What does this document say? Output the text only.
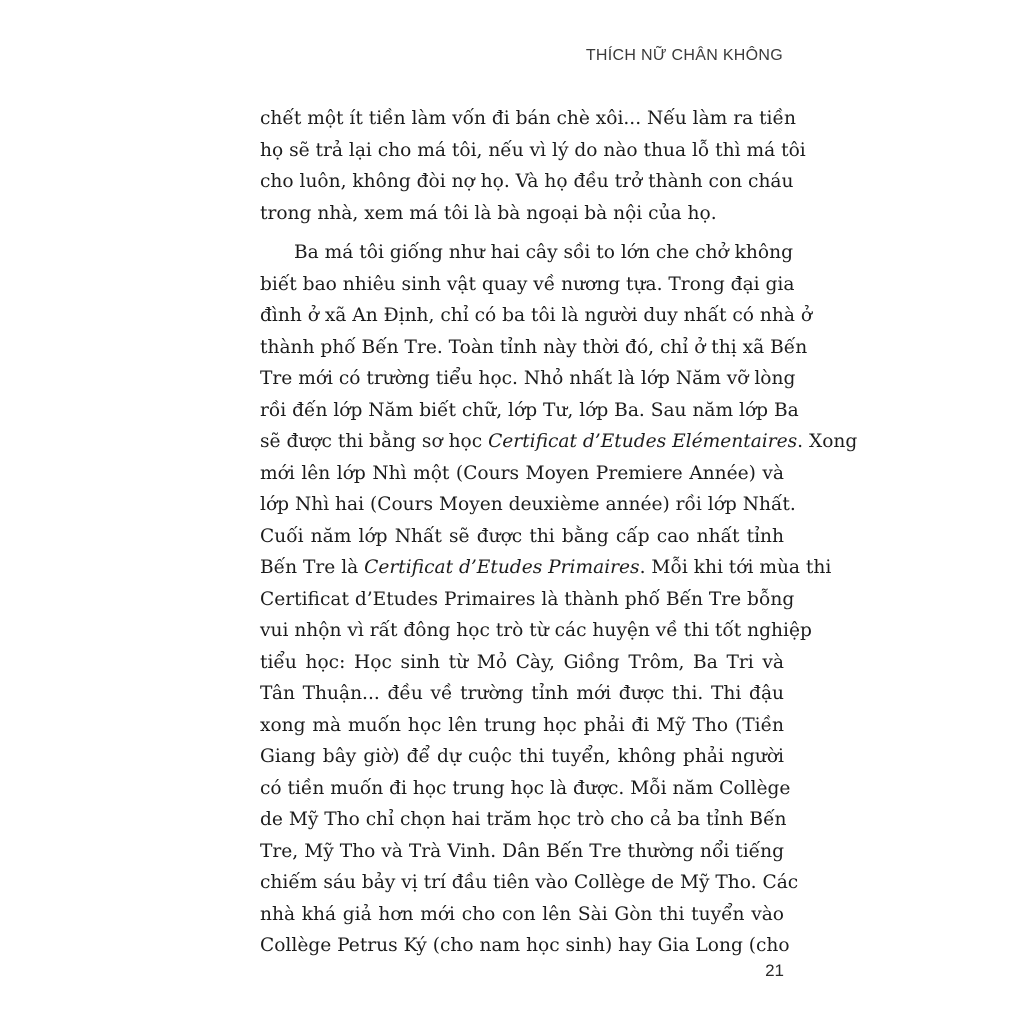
THÍCH NỮ CHÂN KHÔNG
chết một ít tiền làm vốn đi bán chè xôi... Nếu làm ra tiền
họ sẽ trả lại cho má tôi, nếu vì lý do nào thua lỗ thì má tôi
cho luôn, không đòi nợ họ. Và họ đều trở thành con cháu
trong nhà, xem má tôi là bà ngoại bà nội của họ.
Ba má tôi giống như hai cây sồi to lớn che chở không
biết bao nhiêu sinh vật quay về nương tựa. Trong đại gia
đình ở xã An Định, chỉ có ba tôi là người duy nhất có nhà ở
thành phố Bến Tre. Toàn tỉnh này thời đó, chỉ ở thị xã Bến
Tre mới có trường tiểu học. Nhỏ nhất là lớp Năm vỡ lòng
rồi đến lớp Năm biết chữ, lớp Tư, lớp Ba. Sau năm lớp Ba
sẽ được thi bằng sơ học Certificat d’Etudes Elémentaires. Xong
mới lên lớp Nhì một (Cours Moyen Premiere Année) và
lớp Nhì hai (Cours Moyen deuxième année) rồi lớp Nhất.
Cuối năm lớp Nhất sẽ được thi bằng cấp cao nhất tỉnh
Bến Tre là Certificat d’Etudes Primaires. Mỗi khi tới mùa thi
Certificat d’Etudes Primaires là thành phố Bến Tre bỗng
vui nhộn vì rất đông học trò từ các huyện về thi tốt nghiệp
tiểu học: Học sinh từ Mỏ Cày, Giồng Trôm, Ba Tri và
Tân Thuận... đều về trường tỉnh mới được thi. Thi đậu
xong mà muốn học lên trung học phải đi Mỹ Tho (Tiền
Giang bây giờ) để dự cuộc thi tuyển, không phải người
có tiền muốn đi học trung học là được. Mỗi năm Collège
de Mỹ Tho chỉ chọn hai trăm học trò cho cả ba tỉnh Bến
Tre, Mỹ Tho và Trà Vinh. Dân Bến Tre thường nổi tiếng
chiếm sáu bảy vị trí đầu tiên vào Collège de Mỹ Tho. Các
nhà khá giả hơn mới cho con lên Sài Gòn thi tuyển vào
Collège Petrus Ký (cho nam học sinh) hay Gia Long (cho
21
